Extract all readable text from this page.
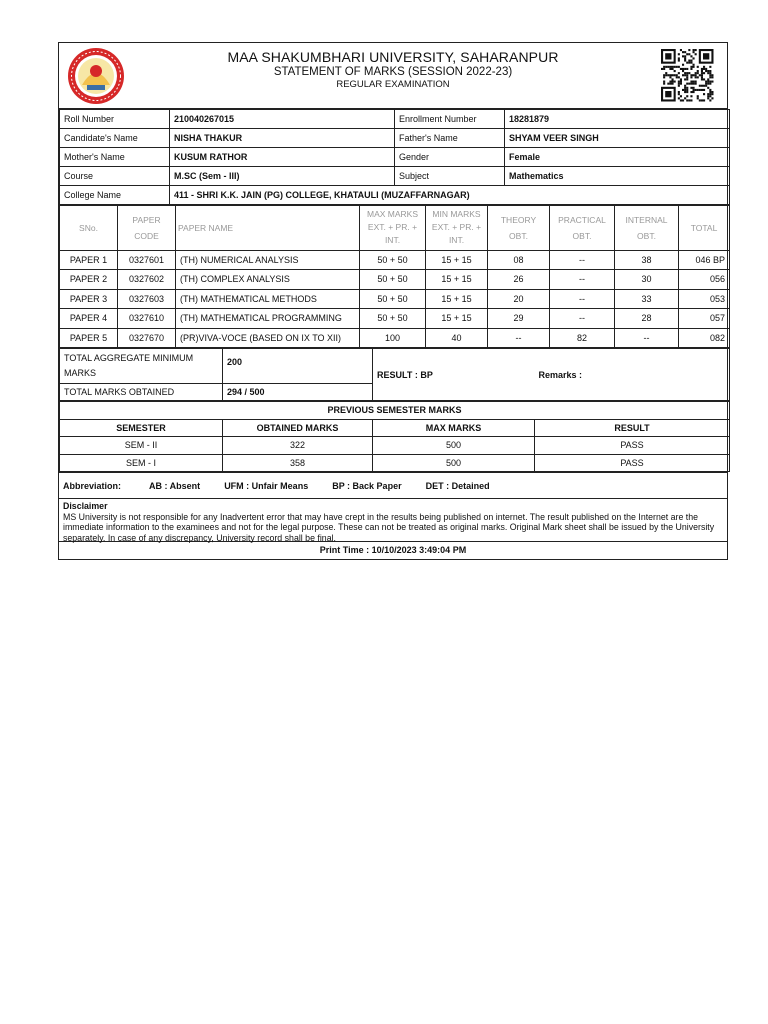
MAA SHAKUMBHARI UNIVERSITY, SAHARANPUR
STATEMENT OF MARKS (SESSION 2022-23)
REGULAR EXAMINATION
Roll Number	210040267015	Enrollment Number	18281879
Candidate's Name	NISHA THAKUR	Father's Name	SHYAM VEER SINGH
Mother's Name	KUSUM RATHOR	Gender	Female
Course	M.SC (Sem - III)	Subject	Mathematics
College Name	411 - SHRI K.K. JAIN (PG) COLLEGE, KHATAULI (MUZAFFARNAGAR)		
SNo.	PAPER CODE	PAPER NAME	MAX MARKS EXT. + PR. + INT.	MIN MARKS EXT. + PR. + INT.	THEORY OBT.	PRACTICAL OBT.	INTERNAL OBT.	TOTAL
PAPER 1	0327601	(TH) NUMERICAL ANALYSIS	50 + 50	15 + 15	08	--	38	046 BP
PAPER 2	0327602	(TH) COMPLEX ANALYSIS	50 + 50	15 + 15	26	--	30	056
PAPER 3	0327603	(TH) MATHEMATICAL METHODS	50 + 50	15 + 15	20	--	33	053
PAPER 4	0327610	(TH) MATHEMATICAL PROGRAMMING	50 + 50	15 + 15	29	--	28	057
PAPER 5	0327670	(PR)VIVA-VOCE (BASED ON IX TO XII)	100	40	--	82	--	082
TOTAL AGGREGATE MINIMUM MARKS	200	RESULT : BP	Remarks :
TOTAL MARKS OBTAINED	294 / 500		
PREVIOUS SEMESTER MARKS			
SEMESTER	OBTAINED MARKS	MAX MARKS	RESULT
SEM - II	322	500	PASS
SEM - I	358	500	PASS
Abbreviation:	AB : Absent	UFM : Unfair Means	BP : Back Paper	DET : Detained
Disclaimer
MS University is not responsible for any Inadvertent error that may have crept in the results being published on internet. The result published on the Internet are the immediate information to the examinees and not for the legal purpose. These can not be treated as original marks. Original Mark sheet shall be issued by the University separately. In case of any discrepancy, University record shall be final.
Print Time : 10/10/2023 3:49:04 PM
